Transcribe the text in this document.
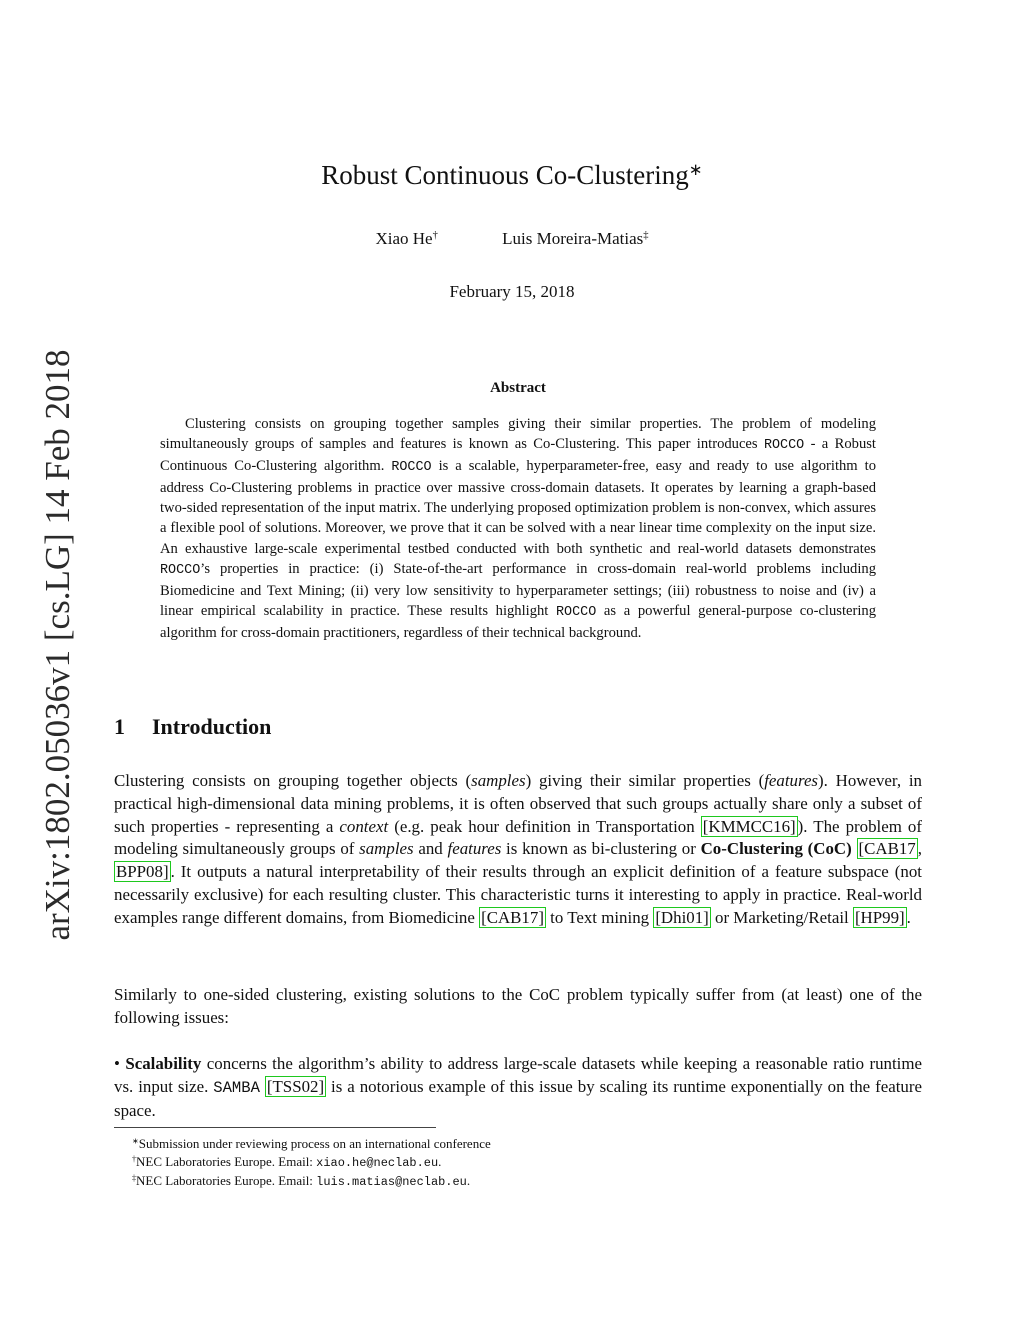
arXiv:1802.05036v1 [cs.LG] 14 Feb 2018
Robust Continuous Co-Clustering∗
Xiao He†	Luis Moreira-Matias‡
February 15, 2018
Abstract

Clustering consists on grouping together samples giving their similar properties. The problem of modeling simultaneously groups of samples and features is known as Co-Clustering. This paper introduces ROCCO - a Robust Continuous Co-Clustering algorithm. ROCCO is a scalable, hyperparameter-free, easy and ready to use algorithm to address Co-Clustering problems in practice over massive cross-domain datasets. It operates by learning a graph-based two-sided representation of the input matrix. The underlying proposed optimization problem is non-convex, which assures a flexible pool of solutions. Moreover, we prove that it can be solved with a near linear time complexity on the input size. An exhaustive large-scale experimental testbed conducted with both synthetic and real-world datasets demonstrates ROCCO’s properties in practice: (i) State-of-the-art performance in cross-domain real-world problems including Biomedicine and Text Mining; (ii) very low sensitivity to hyperparameter settings; (iii) robustness to noise and (iv) a linear empirical scalability in practice. These results highlight ROCCO as a powerful general-purpose co-clustering algorithm for cross-domain practitioners, regardless of their technical background.

1 Introduction

Clustering consists on grouping together objects (samples) giving their similar properties (features). However, in practical high-dimensional data mining problems, it is often observed that such groups actually share only a subset of such properties - representing a context (e.g. peak hour definition in Transportation [KMMCC16] ). The problem of modeling simultaneously groups of samples and features is known as bi-clustering or Co-Clustering (CoC) [CAB17 , BPP08] . It outputs a natural interpretability of their results through an explicit definition of a feature subspace (not necessarily exclusive) for each resulting cluster. This characteristic turns it interesting to apply in practice. Real-world examples range different domains, from Biomedicine [CAB17] to Text mining [Dhi01] or Marketing/Retail [HP99] .

Similarly to one-sided clustering, existing solutions to the CoC problem typically suffer from (at least) one of the following issues:

• Scalability concerns the algorithm’s ability to address large-scale datasets while keeping a reasonable ratio runtime vs. input size. SAMBA [TSS02] is a notorious example of this issue by scaling its runtime exponentially on the feature space.

∗Submission under reviewing process on an international conference
†NEC Laboratories Europe. Email: xiao.he@neclab.eu.
‡NEC Laboratories Europe. Email: luis.matias@neclab.eu.
